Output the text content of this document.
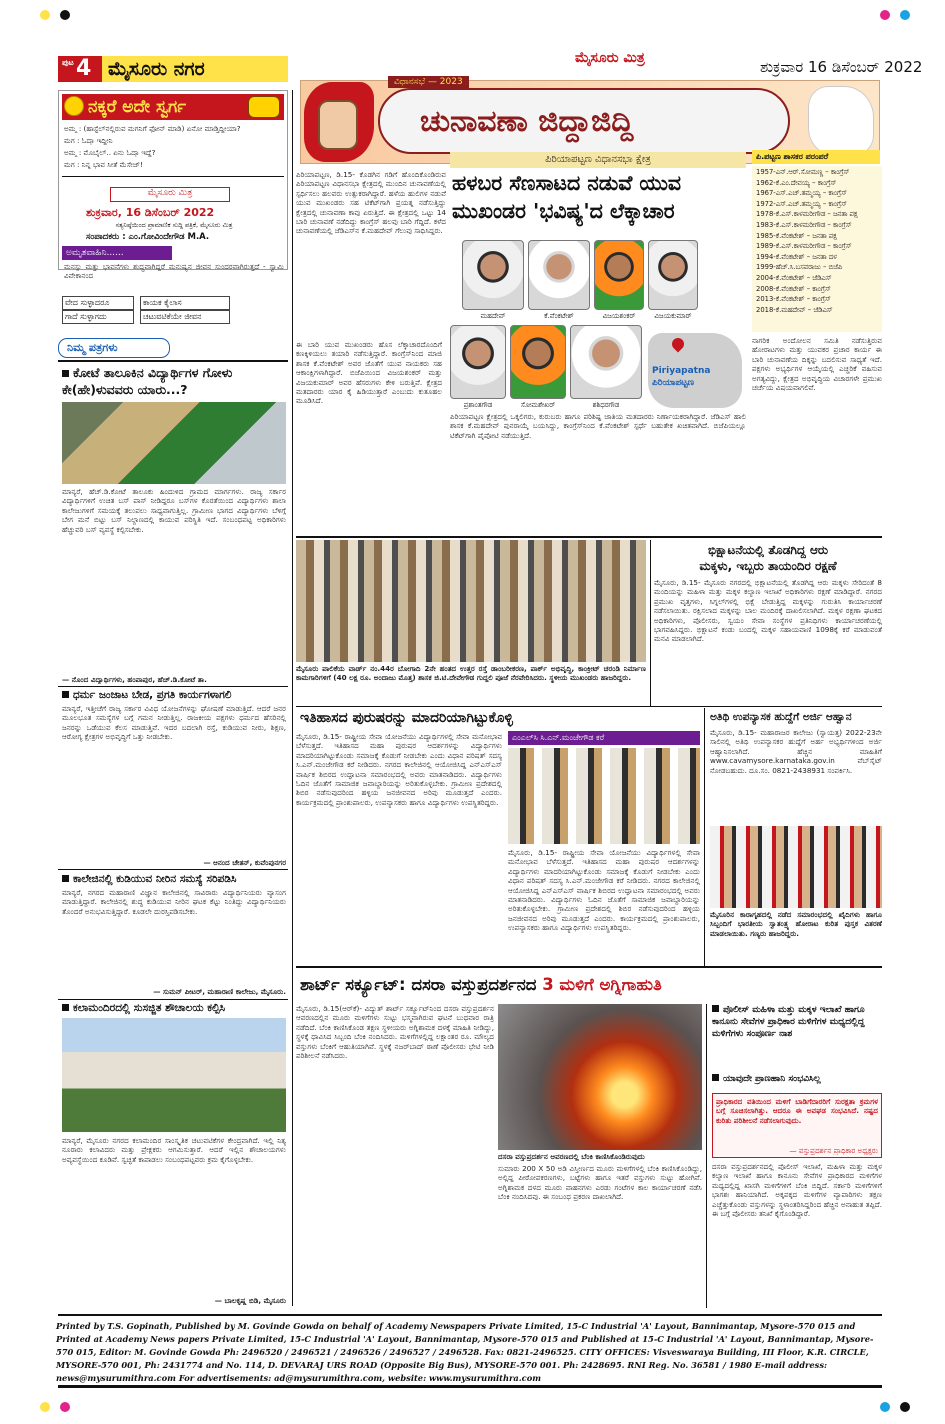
ಪುಟ 4 ಮೈಸೂರು ನಗರ	ಮೈಸೂರು ಮಿತ್ರ	ಶುಕ್ರವಾರ 16 ಡಿಸೆಂಬರ್ 2022
ವಿಧಾನಸಭೆ — 2023
ಚುನಾವಣಾ ಜಿದ್ದಾಜಿದ್ದಿ
ನಕ್ಕರೆ ಅದೇ ಸ್ವರ್ಗ
ಅಮ್ಮ : (ಹಾಸ್ಟೆಲ್‌ನಲ್ಲಿರುವ ಮಗನಿಗೆ ಫೋನ್ ಮಾಡಿ) ಏನೋ ಮಾಡ್ತಿದ್ದೀಯಾ?
ಮಗ : ಓದ್ತಾ ಇದ್ದೀನಿ
ಅಮ್ಮ : ಮೊಬೈಲ್.. ಏನು ಓದ್ತಾ ಇದ್ದೆ?
ಮಗ : ನಿನ್ನ ಭಾವ ಸೀತೆ ಮೆಸೇಜ್!
ಮೈಸೂರು ಮಿತ್ರ
ಶುಕ್ರವಾರ, 16 ಡಿಸೆಂಬರ್ 2022
ಸತ್ಯನಿಷ್ಠೆಯಿಂದ ಪ್ರಾಮಾಣಿಕ ಸುದ್ದಿ ಪತ್ರಿಕೆ, ಮೈಸೂರು ಮಿತ್ರ
ಸಂಪಾದಕರು : ಎಂ.ಗೋವಿಂದೇಗೌಡ M.A.
ಅಮೃತವಾಹಿನಿ......
ಮನಸ್ಸು ಮತ್ತು ಭಾವನೆಗಳು ಶುದ್ಧವಾಗಿದ್ದರೆ ಮನುಷ್ಯನ ಜೀವನ ಸುಂದರವಾಗಿರುತ್ತದೆ - ಸ್ವಾಮಿ ವಿವೇಕಾನಂದ
ವೇದ ಸುಳ್ಳಾದರೂ
ಗಾದೆ ಸುಳ್ಳಾಗದು
ಕಾಯಕ ಕೈಲಾಸ
ಚಟುವಟಿಕೆಯೇ ಜೀವನ
ನಿಮ್ಮ ಪತ್ರಗಳು
ಕೋಟೆ ತಾಲೂಕಿನ ವಿದ್ಯಾರ್ಥಿಗಳ ಗೋಳು ಕೇ(ಹೇ)ಳುವವರು ಯಾರು...?
ಮಾನ್ಯರೆ, ಹೆಚ್.ಡಿ.ಕೋಟೆ ತಾಲೂಕು ಹಿಂದುಳಿದ ಗ್ರಾಮದ ಮಾರ್ಗಗಳು. ರಾಜ್ಯ ಸರ್ಕಾರ ವಿದ್ಯಾರ್ಥಿಗಳಿಗೆ ಉಚಿತ ಬಸ್ ಪಾಸ್ ನೀಡಿದ್ದರೂ ಬಸ್‌ಗಳ ಕೊರತೆಯಿಂದ ವಿದ್ಯಾರ್ಥಿಗಳು ಶಾಲಾ ಕಾಲೇಜುಗಳಿಗೆ ಸಮಯಕ್ಕೆ ತಲುಪಲು ಸಾಧ್ಯವಾಗುತ್ತಿಲ್ಲ. ಗ್ರಾಮೀಣ ಭಾಗದ ವಿದ್ಯಾರ್ಥಿಗಳು ಬೆಳಿಗ್ಗೆ ಬೇಗ ಮನೆ ಬಿಟ್ಟು ಬಸ್ ನಿಲ್ದಾಣದಲ್ಲಿ ಕಾಯುವ ಪರಿಸ್ಥಿತಿ ಇದೆ. ಸಂಬಂಧಪಟ್ಟ ಅಧಿಕಾರಿಗಳು ಹೆಚ್ಚುವರಿ ಬಸ್ ವ್ಯವಸ್ಥೆ ಕಲ್ಪಿಸಬೇಕು.
— ನೊಂದ ವಿದ್ಯಾರ್ಥಿಗಳು, ಹಂಪಾಪುರ, ಹೆಚ್.ಡಿ.ಕೋಟೆ ತಾ.
ಧರ್ಮ ಜಂಜಾಟ ಬೇಡ, ಪ್ರಗತಿ ಕಾರ್ಯಗಳಾಗಲಿ
ಮಾನ್ಯರೆ, ಇತ್ತೀಚೆಗೆ ರಾಜ್ಯ ಸರ್ಕಾರ ವಿವಿಧ ಯೋಜನೆಗಳನ್ನು ಘೋಷಣೆ ಮಾಡುತ್ತಿದೆ. ಆದರೆ ಜನರ ಮೂಲಭೂತ ಸಮಸ್ಯೆಗಳ ಬಗ್ಗೆ ಗಮನ ನೀಡುತ್ತಿಲ್ಲ. ರಾಜಕೀಯ ಪಕ್ಷಗಳು ಧರ್ಮದ ಹೆಸರಿನಲ್ಲಿ ಜನರನ್ನು ಒಡೆಯುವ ಕೆಲಸ ಮಾಡುತ್ತಿವೆ. ಇದರ ಬದಲಾಗಿ ರಸ್ತೆ, ಕುಡಿಯುವ ನೀರು, ಶಿಕ್ಷಣ, ಆರೋಗ್ಯ ಕ್ಷೇತ್ರಗಳ ಅಭಿವೃದ್ಧಿಗೆ ಒತ್ತು ನೀಡಬೇಕು.
— ಆನಂದ ಚೇತನ್, ಕುವೆಂಪುನಗರ
ಕಾಲೇಜಿನಲ್ಲಿ ಕುಡಿಯುವ ನೀರಿನ ಸಮಸ್ಯೆ ಸರಿಪಡಿಸಿ
ಮಾನ್ಯರೆ, ನಗರದ ಮಹಾರಾಣಿ ವಿಜ್ಞಾನ ಕಾಲೇಜಿನಲ್ಲಿ ಸಾವಿರಾರು ವಿದ್ಯಾರ್ಥಿನಿಯರು ವ್ಯಾಸಂಗ ಮಾಡುತ್ತಿದ್ದಾರೆ. ಕಾಲೇಜಿನಲ್ಲಿ ಶುದ್ಧ ಕುಡಿಯುವ ನೀರಿನ ಘಟಕ ಕೆಟ್ಟು ನಿಂತಿದ್ದು ವಿದ್ಯಾರ್ಥಿನಿಯರು ತೊಂದರೆ ಅನುಭವಿಸುತ್ತಿದ್ದಾರೆ. ಕೂಡಲೇ ದುರಸ್ತಿಪಡಿಸಬೇಕು.
— ಸುಮನ್ ಪೀಟರ್, ಮಹಾರಾಣಿ ಕಾಲೇಜು, ಮೈಸೂರು.
ಕಲಾಮಂದಿರದಲ್ಲಿ ಸುಸಜ್ಜಿತ ಶೌಚಾಲಯ ಕಲ್ಪಿಸಿ
ಮಾನ್ಯರೆ, ಮೈಸೂರು ನಗರದ ಕಲಾಮಂದಿರ ಸಾಂಸ್ಕೃತಿಕ ಚಟುವಟಿಕೆಗಳ ಕೇಂದ್ರವಾಗಿದೆ. ಇಲ್ಲಿ ನಿತ್ಯ ನೂರಾರು ಕಲಾವಿದರು ಮತ್ತು ಪ್ರೇಕ್ಷಕರು ಆಗಮಿಸುತ್ತಾರೆ. ಆದರೆ ಇಲ್ಲಿನ ಶೌಚಾಲಯಗಳು ಅವ್ಯವಸ್ಥೆಯಿಂದ ಕೂಡಿವೆ. ಸ್ವಚ್ಛತೆ ಕಾಪಾಡಲು ಸಂಬಂಧಪಟ್ಟವರು ಕ್ರಮ ಕೈಗೊಳ್ಳಬೇಕು.
— ಬಾಲಕೃಷ್ಣ ಬಿಡಿ, ಮೈಸೂರು
ಪಿರಿಯಾಪಟ್ಟಣ ವಿಧಾನಸಭಾ ಕ್ಷೇತ್ರ
ಹಳಬರ ಸೆಣಸಾಟದ ನಡುವೆ ಯುವ
ಮುಖಂಡರ 'ಭವಿಷ್ಯ'ದ ಲೆಕ್ಕಾಚಾರ
ಪಿರಿಯಾಪಟ್ಟಣ, ಡಿ.15- ಕೊಡಗಿನ ಗಡಿಗೆ ಹೊಂದಿಕೊಂಡಿರುವ ಪಿರಿಯಾಪಟ್ಟಣ ವಿಧಾನಸಭಾ ಕ್ಷೇತ್ರದಲ್ಲಿ ಮುಂದಿನ ಚುನಾವಣೆಯಲ್ಲಿ ಸ್ಪರ್ಧಿಸಲು ಹಲವರು ಉತ್ಸುಕರಾಗಿದ್ದಾರೆ. ಹಳೆಯ ಹುಲಿಗಳ ನಡುವೆ ಯುವ ಮುಖಂಡರು ಸಹ ಟಿಕೆಟ್‌ಗಾಗಿ ಪ್ರಯತ್ನ ನಡೆಸುತ್ತಿದ್ದು ಕ್ಷೇತ್ರದಲ್ಲಿ ಚುನಾವಣಾ ಕಾವು ಏರುತ್ತಿದೆ. ಈ ಕ್ಷೇತ್ರದಲ್ಲಿ ಒಟ್ಟು 14 ಬಾರಿ ಚುನಾವಣೆ ನಡೆದಿದ್ದು ಕಾಂಗ್ರೆಸ್ ಹಲವು ಬಾರಿ ಗೆದ್ದಿದೆ. ಕಳೆದ ಚುನಾವಣೆಯಲ್ಲಿ ಜೆಡಿಎಸ್‌ನ ಕೆ.ಮಹದೇವ್ ಗೆಲುವು ಸಾಧಿಸಿದ್ದರು.
ಈ ಬಾರಿ ಯುವ ಮುಖಂಡರು ಹೊಸ ಲೆಕ್ಕಾಚಾರದೊಂದಿಗೆ ಕಣಕ್ಕಿಳಿಯಲು ತಯಾರಿ ನಡೆಸುತ್ತಿದ್ದಾರೆ. ಕಾಂಗ್ರೆಸ್‌ನಿಂದ ಮಾಜಿ ಶಾಸಕ ಕೆ.ವೆಂಕಟೇಶ್ ಅವರ ಜೊತೆಗೆ ಯುವ ನಾಯಕರು ಸಹ ಆಕಾಂಕ್ಷಿಗಳಾಗಿದ್ದಾರೆ. ಬಿಜೆಪಿಯಿಂದ ವಿಜಯಶಂಕರ್ ಮತ್ತು ವಿಜಯಕುಮಾರ್ ಅವರ ಹೆಸರುಗಳು ಕೇಳಿ ಬರುತ್ತಿವೆ. ಕ್ಷೇತ್ರದ ಮತದಾರರು ಯಾರ ಕೈ ಹಿಡಿಯುತ್ತಾರೆ ಎಂಬುದು ಕುತೂಹಲ ಮೂಡಿಸಿದೆ.
ಪಿರಿಯಾಪಟ್ಟಣ ಕ್ಷೇತ್ರದಲ್ಲಿ ಒಕ್ಕಲಿಗರು, ಕುರುಬರು ಹಾಗೂ ಪರಿಶಿಷ್ಟ ಜಾತಿಯ ಮತದಾರರು ನಿರ್ಣಾಯಕರಾಗಿದ್ದಾರೆ. ಜೆಡಿಎಸ್ ಹಾಲಿ ಶಾಸಕ ಕೆ.ಮಹದೇವ್ ಪುನರಾಯ್ಕೆ ಬಯಸಿದ್ದು, ಕಾಂಗ್ರೆಸ್‌ನಿಂದ ಕೆ.ವೆಂಕಟೇಶ್ ಸ್ಪರ್ಧೆ ಬಹುತೇಕ ಖಚಿತವಾಗಿದೆ. ಬಿಜೆಪಿಯಲ್ಲೂ ಟಿಕೆಟ್‌ಗಾಗಿ ಪೈಪೋಟಿ ನಡೆಯುತ್ತಿದೆ.
ನಾಗರಿಕ ಅಂದೋಲನ ಸಮಿತಿ ನಡೆಸುತ್ತಿರುವ ಹೋರಾಟಗಳು ಮತ್ತು ಯುವಕರ ಪ್ರಚಾರ ಕಾರ್ಯ ಈ ಬಾರಿ ಚುನಾವಣೆಯ ದಿಕ್ಕನ್ನು ಬದಲಿಸುವ ಸಾಧ್ಯತೆ ಇದೆ. ಪಕ್ಷಗಳು ಅಭ್ಯರ್ಥಿಗಳ ಆಯ್ಕೆಯಲ್ಲಿ ಎಚ್ಚರಿಕೆ ವಹಿಸುವ ಅಗತ್ಯವಿದ್ದು, ಕ್ಷೇತ್ರದ ಅಭಿವೃದ್ಧಿಯ ವಿಚಾರಗಳೇ ಪ್ರಮುಖ ಚರ್ಚೆಯ ವಿಷಯವಾಗಲಿವೆ.
ಮಹದೇವ್	ಕೆ.ವೆಂಕಟೇಶ್	ವಿಜಯಶಂಕರ್	ವಿಜಯಕುಮಾರ್
ಪ್ರಶಾಂತಗೌಡ	ಸೋಮಶೇಖರ್	ಶಶಿಧರಗೌಡ
Piriyapatna
ಪಿರಿಯಾಪಟ್ಟಣ
ಪಿ.ಪಟ್ಟಣ ಶಾಸಕರ ಪರಂಪರೆ
1957-ಎನ್.ಆರ್.ಸೋಮಣ್ಣ – ಕಾಂಗ್ರೆಸ್
1962-ಕೆ.ಎಂ.ದೇವಯ್ಯ – ಕಾಂಗ್ರೆಸ್
1967-ಎಸ್.ಎಚ್.ತಮ್ಮಯ್ಯ – ಕಾಂಗ್ರೆಸ್
1972-ಎಸ್.ಎಚ್.ತಮ್ಮಯ್ಯ – ಕಾಂಗ್ರೆಸ್
1978-ಕೆ.ಎಸ್.ಕಾಳಮರೀಗೌಡ – ಜನತಾ ಪಕ್ಷ
1983-ಕೆ.ಎಸ್.ಕಾಳಮರೀಗೌಡ – ಕಾಂಗ್ರೆಸ್
1985-ಕೆ.ವೆಂಕಟೇಶ್ – ಜನತಾ ಪಕ್ಷ
1989-ಕೆ.ಎಸ್.ಕಾಳಮರೀಗೌಡ – ಕಾಂಗ್ರೆಸ್
1994-ಕೆ.ವೆಂಕಟೇಶ್ – ಜನತಾ ದಳ
1999-ಹೆಚ್.ಸಿ.ಬಸವರಾಜು – ಬಿಜೆಪಿ
2004-ಕೆ.ವೆಂಕಟೇಶ್ – ಜೆಡಿಎಸ್
2008-ಕೆ.ವೆಂಕಟೇಶ್ – ಕಾಂಗ್ರೆಸ್
2013-ಕೆ.ವೆಂಕಟೇಶ್ – ಕಾಂಗ್ರೆಸ್
2018-ಕೆ.ಮಹದೇವ್ – ಜೆಡಿಎಸ್
ಮೈಸೂರು ಪಾಲಿಕೆಯ ವಾರ್ಡ್ ನಂ.44ರ ಬೋಗಾದಿ 2ನೇ ಹಂತದ ಉತ್ತರ ರಸ್ತೆ ಡಾಂಬರೀಕರಣ, ಪಾರ್ಕ್ ಅಭಿವೃದ್ಧಿ, ಕಾಂಕ್ರೀಟ್ ಚರಂಡಿ ನಿರ್ಮಾಣ ಕಾಮಗಾರಿಗಳಿಗೆ (40 ಲಕ್ಷ ರೂ. ಅಂದಾಜು ಮೊತ್ತ) ಶಾಸಕ ಜಿ.ಟಿ.ದೇವೇಗೌಡ ಗುದ್ದಲಿ ಪೂಜೆ ನೆರವೇರಿಸಿದರು. ಸ್ಥಳೀಯ ಮುಖಂಡರು ಹಾಜರಿದ್ದರು.
ಭಿಕ್ಷಾಟನೆಯಲ್ಲಿ ತೊಡಗಿದ್ದ ಆರು
ಮಕ್ಕಳು, ಇಬ್ಬರು ತಾಯಂದಿರ ರಕ್ಷಣೆ
ಮೈಸೂರು, ಡಿ.15- ಮೈಸೂರು ನಗರದಲ್ಲಿ ಭಿಕ್ಷಾಟನೆಯಲ್ಲಿ ತೊಡಗಿದ್ದ ಆರು ಮಕ್ಕಳು ಸೇರಿದಂತೆ 8 ಮಂದಿಯನ್ನು ಮಹಿಳಾ ಮತ್ತು ಮಕ್ಕಳ ಕಲ್ಯಾಣ ಇಲಾಖೆ ಅಧಿಕಾರಿಗಳು ರಕ್ಷಣೆ ಮಾಡಿದ್ದಾರೆ. ನಗರದ ಪ್ರಮುಖ ವೃತ್ತಗಳು, ಸಿಗ್ನಲ್‌ಗಳಲ್ಲಿ ಭಿಕ್ಷೆ ಬೇಡುತ್ತಿದ್ದ ಮಕ್ಕಳನ್ನು ಗುರುತಿಸಿ ಕಾರ್ಯಾಚರಣೆ ನಡೆಸಲಾಯಿತು. ರಕ್ಷಿಸಲಾದ ಮಕ್ಕಳನ್ನು ಬಾಲ ಮಂದಿರಕ್ಕೆ ದಾಖಲಿಸಲಾಗಿದೆ. ಮಕ್ಕಳ ರಕ್ಷಣಾ ಘಟಕದ ಅಧಿಕಾರಿಗಳು, ಪೊಲೀಸರು, ಸ್ವಯಂ ಸೇವಾ ಸಂಸ್ಥೆಗಳ ಪ್ರತಿನಿಧಿಗಳು ಕಾರ್ಯಾಚರಣೆಯಲ್ಲಿ ಭಾಗವಹಿಸಿದ್ದರು. ಭಿಕ್ಷಾಟನೆ ಕಂಡು ಬಂದಲ್ಲಿ ಮಕ್ಕಳ ಸಹಾಯವಾಣಿ 1098ಕ್ಕೆ ಕರೆ ಮಾಡುವಂತೆ ಮನವಿ ಮಾಡಲಾಗಿದೆ.
ಇತಿಹಾಸದ ಪುರುಷರನ್ನು ಮಾದರಿಯಾಗಿಟ್ಟುಕೊಳ್ಳಿ
ಎಂಎಲ್‌ಸಿ ಸಿ.ಎನ್.ಮಂಜೇಗೌಡ ಕರೆ
ಮೈಸೂರು, ಡಿ.15- ರಾಷ್ಟ್ರೀಯ ಸೇವಾ ಯೋಜನೆಯು ವಿದ್ಯಾರ್ಥಿಗಳಲ್ಲಿ ಸೇವಾ ಮನೋಭಾವ ಬೆಳೆಸುತ್ತದೆ. ಇತಿಹಾಸದ ಮಹಾ ಪುರುಷರ ಆದರ್ಶಗಳನ್ನು ವಿದ್ಯಾರ್ಥಿಗಳು ಮಾದರಿಯಾಗಿಟ್ಟುಕೊಂಡು ಸಮಾಜಕ್ಕೆ ಕೊಡುಗೆ ನೀಡಬೇಕು ಎಂದು ವಿಧಾನ ಪರಿಷತ್ ಸದಸ್ಯ ಸಿ.ಎನ್.ಮಂಜೇಗೌಡ ಕರೆ ನೀಡಿದರು. ನಗರದ ಕಾಲೇಜಿನಲ್ಲಿ ಆಯೋಜಿಸಿದ್ದ ಎನ್‌ಎಸ್‌ಎಸ್ ವಾರ್ಷಿಕ ಶಿಬಿರದ ಉದ್ಘಾಟನಾ ಸಮಾರಂಭದಲ್ಲಿ ಅವರು ಮಾತನಾಡಿದರು. ವಿದ್ಯಾರ್ಥಿಗಳು ಓದಿನ ಜೊತೆಗೆ ಸಾಮಾಜಿಕ ಜವಾಬ್ದಾರಿಯನ್ನು ಅರಿತುಕೊಳ್ಳಬೇಕು. ಗ್ರಾಮೀಣ ಪ್ರದೇಶದಲ್ಲಿ ಶಿಬಿರ ನಡೆಸುವುದರಿಂದ ಹಳ್ಳಿಯ ಜನಜೀವನದ ಅರಿವು ಮೂಡುತ್ತದೆ ಎಂದರು. ಕಾರ್ಯಕ್ರಮದಲ್ಲಿ ಪ್ರಾಂಶುಪಾಲರು, ಉಪನ್ಯಾಸಕರು ಹಾಗೂ ವಿದ್ಯಾರ್ಥಿಗಳು ಉಪಸ್ಥಿತರಿದ್ದರು.
ಮೈಸೂರು, ಡಿ.15- ರಾಷ್ಟ್ರೀಯ ಸೇವಾ ಯೋಜನೆಯು ವಿದ್ಯಾರ್ಥಿಗಳಲ್ಲಿ ಸೇವಾ ಮನೋಭಾವ ಬೆಳೆಸುತ್ತದೆ. ಇತಿಹಾಸದ ಮಹಾ ಪುರುಷರ ಆದರ್ಶಗಳನ್ನು ವಿದ್ಯಾರ್ಥಿಗಳು ಮಾದರಿಯಾಗಿಟ್ಟುಕೊಂಡು ಸಮಾಜಕ್ಕೆ ಕೊಡುಗೆ ನೀಡಬೇಕು ಎಂದು ವಿಧಾನ ಪರಿಷತ್ ಸದಸ್ಯ ಸಿ.ಎನ್.ಮಂಜೇಗೌಡ ಕರೆ ನೀಡಿದರು. ನಗರದ ಕಾಲೇಜಿನಲ್ಲಿ ಆಯೋಜಿಸಿದ್ದ ಎನ್‌ಎಸ್‌ಎಸ್ ವಾರ್ಷಿಕ ಶಿಬಿರದ ಉದ್ಘಾಟನಾ ಸಮಾರಂಭದಲ್ಲಿ ಅವರು ಮಾತನಾಡಿದರು. ವಿದ್ಯಾರ್ಥಿಗಳು ಓದಿನ ಜೊತೆಗೆ ಸಾಮಾಜಿಕ ಜವಾಬ್ದಾರಿಯನ್ನು ಅರಿತುಕೊಳ್ಳಬೇಕು. ಗ್ರಾಮೀಣ ಪ್ರದೇಶದಲ್ಲಿ ಶಿಬಿರ ನಡೆಸುವುದರಿಂದ ಹಳ್ಳಿಯ ಜನಜೀವನದ ಅರಿವು ಮೂಡುತ್ತದೆ ಎಂದರು. ಕಾರ್ಯಕ್ರಮದಲ್ಲಿ ಪ್ರಾಂಶುಪಾಲರು, ಉಪನ್ಯಾಸಕರು ಹಾಗೂ ವಿದ್ಯಾರ್ಥಿಗಳು ಉಪಸ್ಥಿತರಿದ್ದರು.
ಅತಿಥಿ ಉಪನ್ಯಾಸಕ ಹುದ್ದೆಗೆ ಅರ್ಜಿ ಆಹ್ವಾನ
ಮೈಸೂರು, ಡಿ.15- ಮಹಾರಾಜರ ಕಾಲೇಜು (ಸ್ವಾಯತ್ತ) 2022-23ನೇ ಸಾಲಿನಲ್ಲಿ ಅತಿಥಿ ಉಪನ್ಯಾಸಕರ ಹುದ್ದೆಗೆ ಅರ್ಹ ಅಭ್ಯರ್ಥಿಗಳಿಂದ ಅರ್ಜಿ ಆಹ್ವಾನಿಸಲಾಗಿದೆ. ಹೆಚ್ಚಿನ ಮಾಹಿತಿಗೆ www.cavamysore.karnataka.gov.in ವೆಬ್‌ಸೈಟ್ ನೋಡಬಹುದು. ದೂ.ಸಂ. 0821-2438931 ಸಂಪರ್ಕಿಸಿ.
ಮೈಸೂರಿನ ಕಾರಾಗೃಹದಲ್ಲಿ ನಡೆದ ಸಮಾರಂಭದಲ್ಲಿ ಖೈದಿಗಳು ಹಾಗೂ ಸಿಬ್ಬಂದಿಗೆ ಭಾರತೀಯ ಸ್ವಾತಂತ್ರ್ಯ ಹೋರಾಟ ಕುರಿತ ಪುಸ್ತಕ ವಿತರಣೆ ಮಾಡಲಾಯಿತು. ಗಣ್ಯರು ಹಾಜರಿದ್ದರು.
ಶಾರ್ಟ್ ಸರ್ಕ್ಯೂಟ್: ದಸರಾ ವಸ್ತುಪ್ರದರ್ಶನದ 3 ಮಳಿಗೆ ಅಗ್ನಿಗಾಹುತಿ
ಮೈಸೂರು, ಡಿ.15(ಆರ್‌ಕೆ)- ವಿದ್ಯುತ್ ಶಾರ್ಟ್ ಸರ್ಕ್ಯೂಟ್‌ನಿಂದ ದಸರಾ ವಸ್ತುಪ್ರದರ್ಶನ ಆವರಣದಲ್ಲಿನ ಮೂರು ಮಳಿಗೆಗಳು ಸುಟ್ಟು ಭಸ್ಮವಾಗಿರುವ ಘಟನೆ ಬುಧವಾರ ರಾತ್ರಿ ನಡೆದಿದೆ. ಬೆಂಕಿ ಕಾಣಿಸಿಕೊಂಡ ತಕ್ಷಣ ಸ್ಥಳೀಯರು ಅಗ್ನಿಶಾಮಕ ದಳಕ್ಕೆ ಮಾಹಿತಿ ನೀಡಿದ್ದು, ಸ್ಥಳಕ್ಕೆ ಧಾವಿಸಿದ ಸಿಬ್ಬಂದಿ ಬೆಂಕಿ ನಂದಿಸಿದರು. ಮಳಿಗೆಗಳಲ್ಲಿದ್ದ ಲಕ್ಷಾಂತರ ರೂ. ಮೌಲ್ಯದ ವಸ್ತುಗಳು ಬೆಂಕಿಗೆ ಆಹುತಿಯಾಗಿವೆ. ಸ್ಥಳಕ್ಕೆ ನಜರ್‌ಬಾದ್ ಠಾಣೆ ಪೊಲೀಸರು ಭೇಟಿ ನೀಡಿ ಪರಿಶೀಲನೆ ನಡೆಸಿದರು.
ದಸರಾ ವಸ್ತುಪ್ರದರ್ಶನ ಆವರಣದಲ್ಲಿ ಬೆಂಕಿ ಕಾಣಿಸಿಕೊಂಡಿರುವುದು
ಸುಮಾರು 200 X 50 ಅಡಿ ವಿಸ್ತೀರ್ಣದ ಮೂರು ಮಳಿಗೆಗಳಲ್ಲಿ ಬೆಂಕಿ ಕಾಣಿಸಿಕೊಂಡಿದ್ದು, ಅಲ್ಲಿದ್ದ ಪೀಠೋಪಕರಣಗಳು, ಬಟ್ಟೆಗಳು ಹಾಗೂ ಇತರೆ ವಸ್ತುಗಳು ಸುಟ್ಟು ಹೋಗಿವೆ. ಅಗ್ನಿಶಾಮಕ ದಳದ ಮೂರು ವಾಹನಗಳು ಎರಡು ಗಂಟೆಗಳ ಕಾಲ ಕಾರ್ಯಾಚರಣೆ ನಡೆಸಿ ಬೆಂಕಿ ನಂದಿಸಿದವು. ಈ ಸಂಬಂಧ ಪ್ರಕರಣ ದಾಖಲಾಗಿದೆ.
ಪೊಲೀಸ್ ಮಹಿಳಾ ಮತ್ತು ಮಕ್ಕಳ ಇಲಾಖೆ ಹಾಗೂ ಕಾನೂನು ಸೇವೆಗಳ ಪ್ರಾಧಿಕಾರ ಮಳಿಗೆಗಳ ಮಧ್ಯದಲ್ಲಿದ್ದ ಮಳಿಗೆಗಳು ಸಂಪೂರ್ಣ ನಾಶ
ಯಾವುದೇ ಪ್ರಾಣಹಾನಿ ಸಂಭವಿಸಿಲ್ಲ
ಪ್ರಾಧಿಕಾರದ ವತಿಯಿಂದ ಮಳಿಗೆ ಬಾಡಿಗೆದಾರರಿಗೆ ಸುರಕ್ಷತಾ ಕ್ರಮಗಳ ಬಗ್ಗೆ ಸೂಚಿಸಲಾಗಿತ್ತು. ಆದರೂ ಈ ಅವಘಡ ಸಂಭವಿಸಿದೆ. ನಷ್ಟದ ಕುರಿತು ಪರಿಶೀಲನೆ ನಡೆಸಲಾಗುವುದು.
— ವಸ್ತುಪ್ರದರ್ಶನ ಪ್ರಾಧಿಕಾರ ಅಧ್ಯಕ್ಷರು
ದಸರಾ ವಸ್ತುಪ್ರದರ್ಶನದಲ್ಲಿ ಪೊಲೀಸ್ ಇಲಾಖೆ, ಮಹಿಳಾ ಮತ್ತು ಮಕ್ಕಳ ಕಲ್ಯಾಣ ಇಲಾಖೆ ಹಾಗೂ ಕಾನೂನು ಸೇವೆಗಳ ಪ್ರಾಧಿಕಾರದ ಮಳಿಗೆಗಳ ಮಧ್ಯದಲ್ಲಿದ್ದ ಖಾಸಗಿ ಮಳಿಗೆಗಳಿಗೆ ಬೆಂಕಿ ಬಿದ್ದಿದೆ. ಸರ್ಕಾರಿ ಮಳಿಗೆಗಳಿಗೆ ಭಾಗಶಃ ಹಾನಿಯಾಗಿದೆ. ಅಕ್ಕಪಕ್ಕದ ಮಳಿಗೆಗಳ ವ್ಯಾಪಾರಿಗಳು ತಕ್ಷಣ ಎಚ್ಚೆತ್ತುಕೊಂಡು ವಸ್ತುಗಳನ್ನು ಸ್ಥಳಾಂತರಿಸಿದ್ದರಿಂದ ಹೆಚ್ಚಿನ ಅನಾಹುತ ತಪ್ಪಿದೆ. ಈ ಬಗ್ಗೆ ಪೊಲೀಸರು ತನಿಖೆ ಕೈಗೊಂಡಿದ್ದಾರೆ.
Printed by T.S. Gopinath, Published by M. Govinde Gowda on behalf of Academy Newspapers Private Limited, 15-C Industrial 'A' Layout, Bannimantap, Mysore-570 015 and Printed at Academy News papers Private Limited, 15-C Industrial 'A' Layout, Bannimantap, Mysore-570 015 and Published at 15-C Industrial 'A' Layout, Bannimantap, Mysore-570 015, Editor: M. Govinde Gowda Ph: 2496520 / 2496521 / 2496526 / 2496527 / 2496528. Fax: 0821-2496525. CITY OFFICES: Visveswaraya Building, III Floor, K.R. CIRCLE, MYSORE-570 001, Ph: 2431774 and No. 114, D. DEVARAJ URS ROAD (Opposite Big Bus), MYSORE-570 001. Ph: 2428695. RNI Reg. No. 36581 / 1980 E-mail address: news@mysurumithra.com For advertisements: ad@mysurumithra.com, website: www.mysurumithra.com
